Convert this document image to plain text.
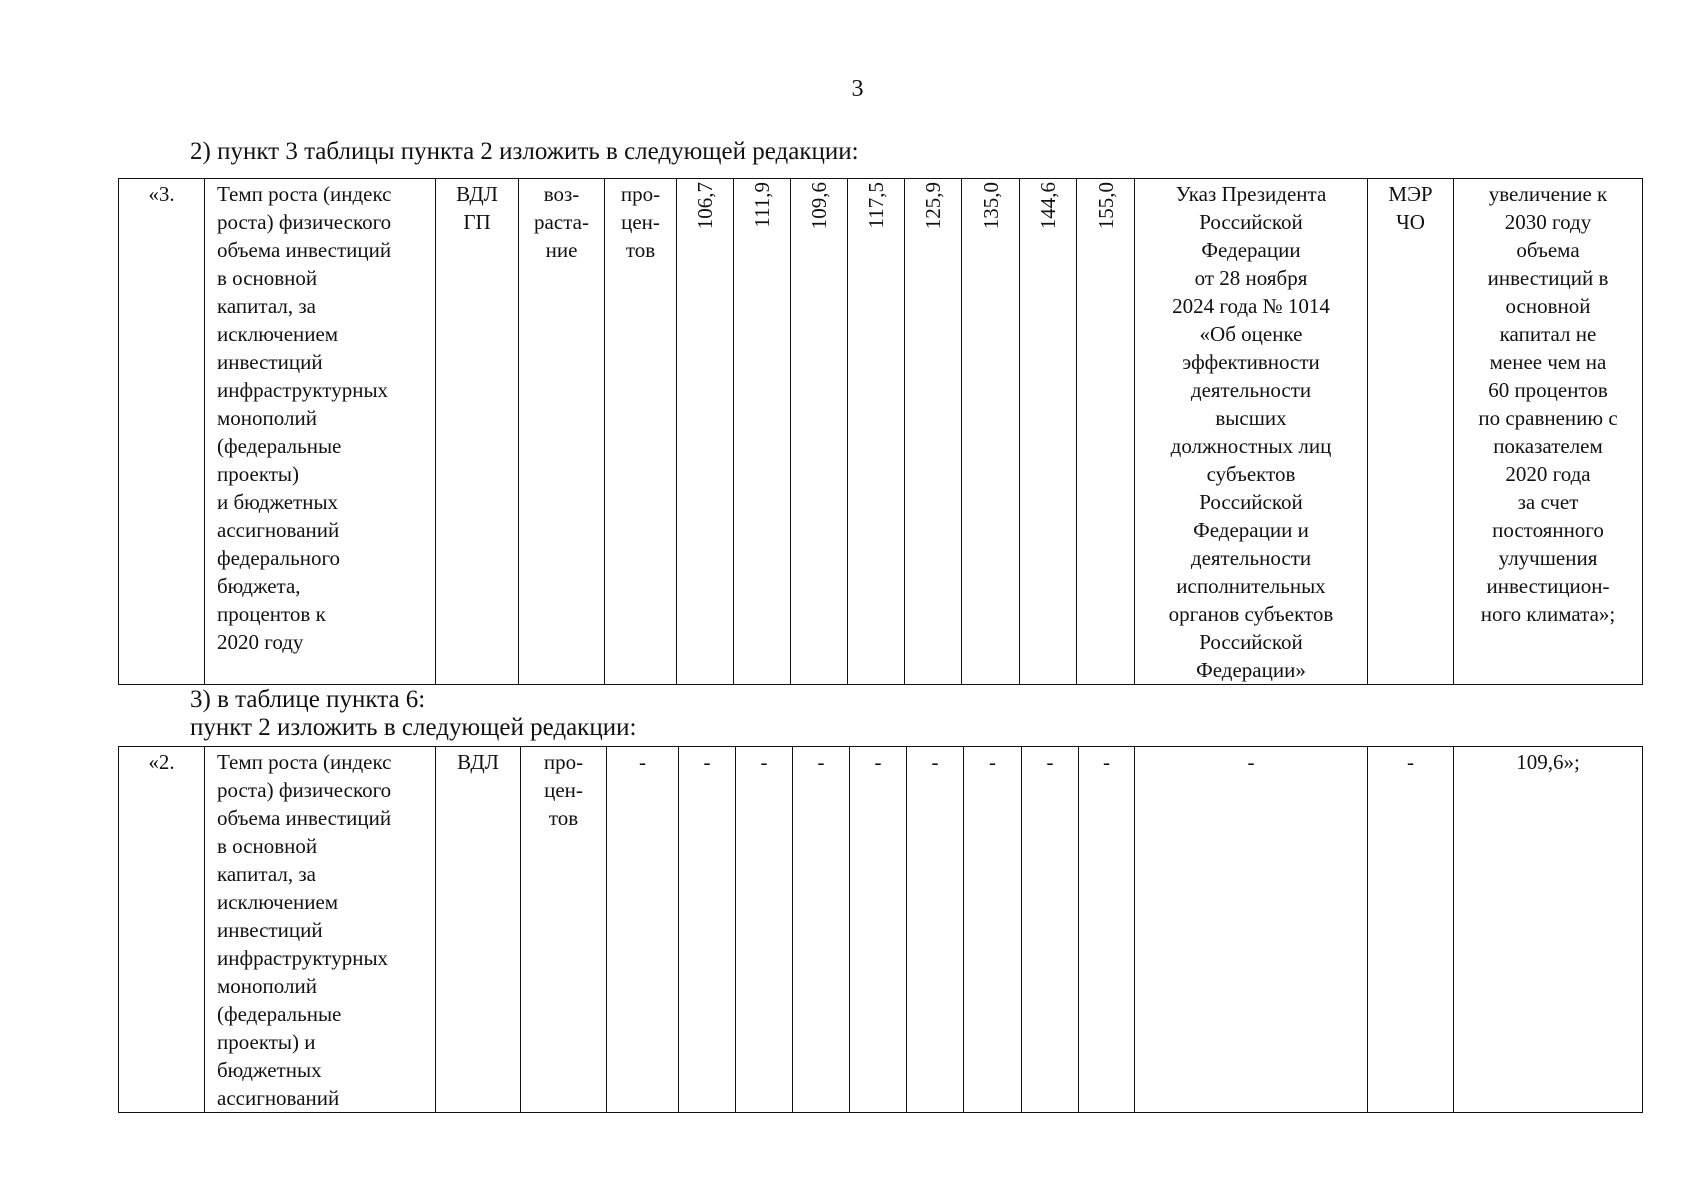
3
2) пункт 3 таблицы пункта 2 изложить в следующей редакции:
«3.	Темп роста (индекс
роста) физического
объема инвестиций
в основной
капитал, за
исключением
инвестиций
инфраструктурных
монополий
(федеральные
проекты)
и бюджетных
ассигнований
федерального
бюджета,
процентов к
2020 году	ВДЛ
ГП	воз-
раста-
ние	про-
цен-
тов	106,7	111,9	109,6	117,5	125,9	135,0	144,6	155,0	Указ Президента
Российской
Федерации
от 28 ноября
2024 года № 1014
«Об оценке
эффективности
деятельности
высших
должностных лиц
субъектов
Российской
Федерации и
деятельности
исполнительных
органов субъектов
Российской
Федерации»	МЭР
ЧО	увеличение к
2030 году
объема
инвестиций в
основной
капитал не
менее чем на
60 процентов
по сравнению с
показателем
2020 года
за счет
постоянного
улучшения
инвестицион-
ного климата»;
3) в таблице пункта 6:
пункт 2 изложить в следующей редакции:
«2.	Темп роста (индекс
роста) физического
объема инвестиций
в основной
капитал, за
исключением
инвестиций
инфраструктурных
монополий
(федеральные
проекты) и
бюджетных
ассигнований	ВДЛ	про-
цен-
тов	-	-	-	-	-	-	-	-	-	-	-	109,6»;
